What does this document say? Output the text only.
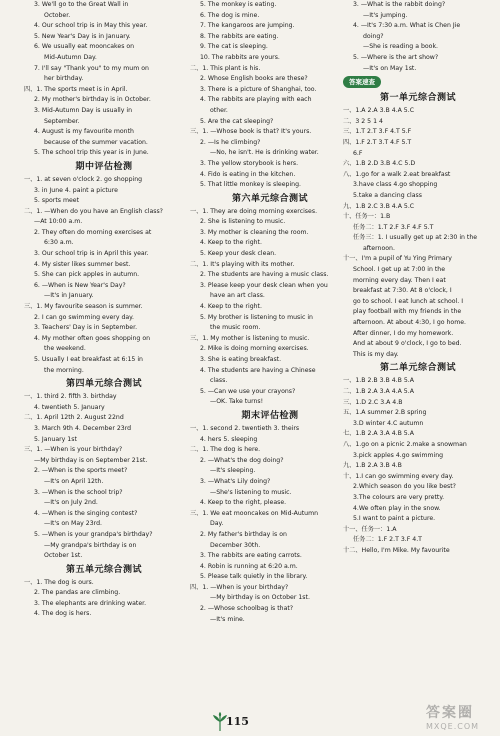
3. We'll go to the Great Wall in
October.
4. Our school trip is in May this year.
5. New Year's Day is in January.
6. We usually eat mooncakes on
Mid-Autumn Day.
7. I'll say "Thank you" to my mum on
her birthday.
四、1. The sports meet is in April.
2. My mother's birthday is in October.
3. Mid-Autumn Day is usually in
September.
4. August is my favourite month
because of the summer vacation.
5. The school trip this year is in June.
期中评估检测
一、1. at seven o'clock 2. go shopping
3. in June 4. paint a picture
5. sports meet
二、1. —When do you have an English class?
—At 10:00 a.m.
2. They often do morning exercises at
6:30 a.m.
3. Our school trip is in April this year.
4. My sister likes summer best.
5. She can pick apples in autumn.
6. —When is New Year's Day?
—It's in January.
三、1. My favourite season is summer.
2. I can go swimming every day.
3. Teachers' Day is in September.
4. My mother often goes shopping on
the weekend.
5. Usually I eat breakfast at 6:15 in
the morning.
第四单元综合测试
一、1. third 2. fifth 3. birthday
4. twentieth 5. January
二、1. April 12th 2. August 22nd
3. March 9th 4. December 23rd
5. January 1st
三、1. —When is your birthday?
—My birthday is on September 21st.
2. —When is the sports meet?
—It's on April 12th.
3. —When is the school trip?
—It's on July 2nd.
4. —When is the singing contest?
—It's on May 23rd.
5. —When is your grandpa's birthday?
—My grandpa's birthday is on
October 1st.
第五单元综合测试
一、1. The dog is ours.
2. The pandas are climbing.
3. The elephants are drinking water.
4. The dog is hers.
5. The monkey is eating.
6. The dog is mine.
7. The kangaroos are jumping.
8. The rabbits are eating.
9. The cat is sleeping.
10. The rabbits are yours.
二、1. This plant is his.
2. Whose English books are these?
3. There is a picture of Shanghai, too.
4. The rabbits are playing with each
other.
5. Are the cat sleeping?
三、1. —Whose book is that? It's yours.
2. —Is he climbing?
—No, he isn't. He is drinking water.
3. The yellow storybook is hers.
4. Fido is eating in the kitchen.
5. That little monkey is sleeping.
第六单元综合测试
一、1. They are doing morning exercises.
2. She is listening to music.
3. My mother is cleaning the room.
4. Keep to the right.
5. Keep your desk clean.
二、1. It's playing with its mother.
2. The students are having a music class.
3. Please keep your desk clean when you
have an art class.
4. Keep to the right.
5. My brother is listening to music in
the music room.
三、1. My mother is listening to music.
2. Mike is doing morning exercises.
3. She is eating breakfast.
4. The students are having a Chinese
class.
5. —Can we use your crayons?
—OK. Take turns!
期末评估检测
一、1. second 2. twentieth 3. theirs
4. hers 5. sleeping
二、1. The dog is here.
2. —What's the dog doing?
—It's sleeping.
3. —What's Lily doing?
—She's listening to music.
4. Keep to the right, please.
三、1. We eat mooncakes on Mid-Autumn
Day.
2. My father's birthday is on
December 30th.
3. The rabbits are eating carrots.
4. Robin is running at 6:20 a.m.
5. Please talk quietly in the library.
四、1. —When is your birthday?
—My birthday is on October 1st.
2. —Whose schoolbag is that?
—It's mine.
3. —What is the rabbit doing?
—It's jumping.
4. —It's 7:30 a.m. What is Chen Jie
doing?
—She is reading a book.
5. —Where is the art show?
—It's on May 1st.
答案速查
第一单元综合测试
一、1.A 2.A 3.B 4.A 5.C
二、3 2 5 1 4
三、1.T 2.T 3.F 4.T 5.F
四、1.F 2.T 3.T 4.F 5.T
6.F
六、1.B 2.D 3.B 4.C 5.D
八、1.go for a walk 2.eat breakfast
3.have class 4.go shopping
5.take a dancing class
九、1.B 2.C 3.B 4.A 5.C
十、任务一：1.B
任务二：1.T 2.F 3.F 4.F 5.T
任务三：1. I usually get up at 2:30 in the
afternoon.
十一、I'm a pupil of Yu Ying Primary
School. I get up at 7:00 in the
morning every day. Then I eat
breakfast at 7:30. At 8 o'clock, I
go to school. I eat lunch at school. I
play football with my friends in the
afternoon. At about 4:30, I go home.
After dinner, I do my homework.
And at about 9 o'clock, I go to bed.
This is my day.
第二单元综合测试
一、1.B 2.B 3.B 4.B 5.A
二、1.B 2.A 3.A 4.A 5.A
三、1.D 2.C 3.A 4.B
五、1.A summer 2.B spring
3.D winter 4.C autumn
七、1.B 2.A 3.A 4.B 5.A
八、1.go on a picnic 2.make a snowman
3.pick apples 4.go swimming
九、1.B 2.A 3.B 4.B
十、1.I can go swimming every day.
2.Which season do you like best?
3.The colours are very pretty.
4.We often play in the snow.
5.I want to paint a picture.
十一、任务一：1.A
任务二：1.F 2.T 3.F 4.T
十二、Hello, I'm Mike. My favourite
115
答案圈
MXQE.COM
